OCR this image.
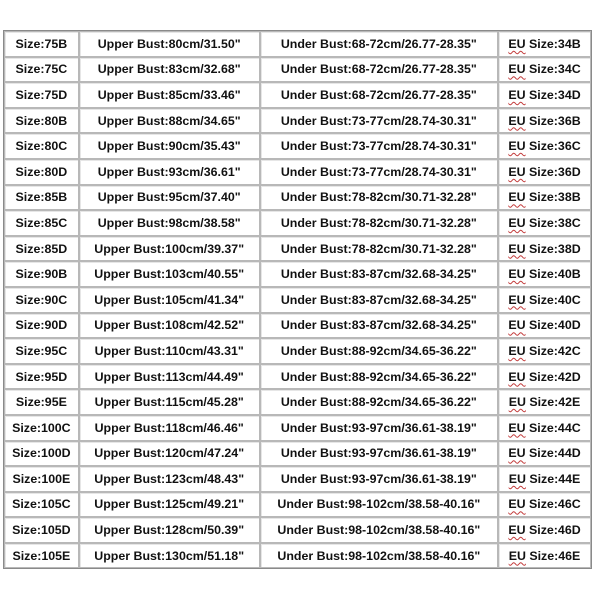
Size:75B	Upper Bust:80cm/31.50"	Under Bust:68-72cm/26.77-28.35"	EU Size:34B
Size:75C	Upper Bust:83cm/32.68"	Under Bust:68-72cm/26.77-28.35"	EU Size:34C
Size:75D	Upper Bust:85cm/33.46"	Under Bust:68-72cm/26.77-28.35"	EU Size:34D
Size:80B	Upper Bust:88cm/34.65"	Under Bust:73-77cm/28.74-30.31"	EU Size:36B
Size:80C	Upper Bust:90cm/35.43"	Under Bust:73-77cm/28.74-30.31"	EU Size:36C
Size:80D	Upper Bust:93cm/36.61"	Under Bust:73-77cm/28.74-30.31"	EU Size:36D
Size:85B	Upper Bust:95cm/37.40"	Under Bust:78-82cm/30.71-32.28"	EU Size:38B
Size:85C	Upper Bust:98cm/38.58"	Under Bust:78-82cm/30.71-32.28"	EU Size:38C
Size:85D	Upper Bust:100cm/39.37"	Under Bust:78-82cm/30.71-32.28"	EU Size:38D
Size:90B	Upper Bust:103cm/40.55"	Under Bust:83-87cm/32.68-34.25"	EU Size:40B
Size:90C	Upper Bust:105cm/41.34"	Under Bust:83-87cm/32.68-34.25"	EU Size:40C
Size:90D	Upper Bust:108cm/42.52"	Under Bust:83-87cm/32.68-34.25"	EU Size:40D
Size:95C	Upper Bust:110cm/43.31"	Under Bust:88-92cm/34.65-36.22"	EU Size:42C
Size:95D	Upper Bust:113cm/44.49"	Under Bust:88-92cm/34.65-36.22"	EU Size:42D
Size:95E	Upper Bust:115cm/45.28"	Under Bust:88-92cm/34.65-36.22"	EU Size:42E
Size:100C	Upper Bust:118cm/46.46"	Under Bust:93-97cm/36.61-38.19"	EU Size:44C
Size:100D	Upper Bust:120cm/47.24"	Under Bust:93-97cm/36.61-38.19"	EU Size:44D
Size:100E	Upper Bust:123cm/48.43"	Under Bust:93-97cm/36.61-38.19"	EU Size:44E
Size:105C	Upper Bust:125cm/49.21"	Under Bust:98-102cm/38.58-40.16"	EU Size:46C
Size:105D	Upper Bust:128cm/50.39"	Under Bust:98-102cm/38.58-40.16"	EU Size:46D
Size:105E	Upper Bust:130cm/51.18"	Under Bust:98-102cm/38.58-40.16"	EU Size:46E
